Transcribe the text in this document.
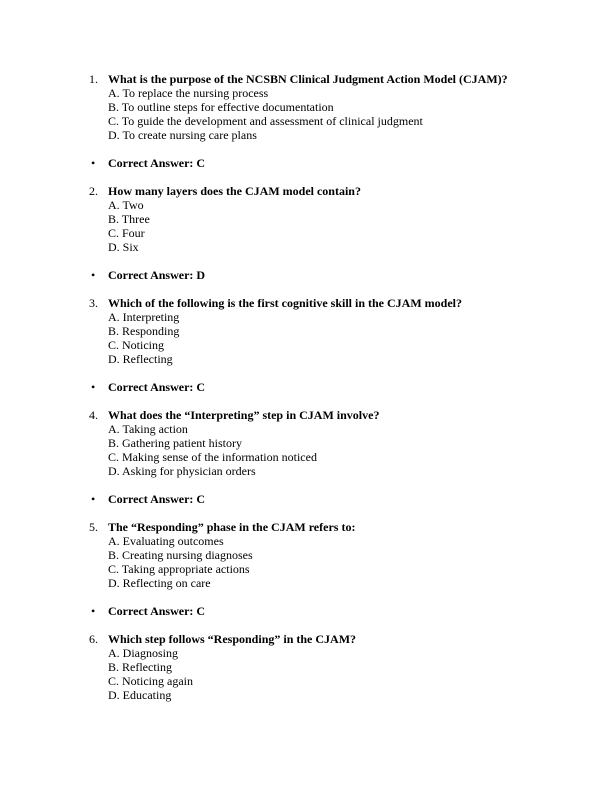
1. What is the purpose of the NCSBN Clinical Judgment Action Model (CJAM)?
A. To replace the nursing process
B. To outline steps for effective documentation
C. To guide the development and assessment of clinical judgment
D. To create nursing care plans
• Correct Answer: C
2. How many layers does the CJAM model contain?
A. Two
B. Three
C. Four
D. Six
• Correct Answer: D
3. Which of the following is the first cognitive skill in the CJAM model?
A. Interpreting
B. Responding
C. Noticing
D. Reflecting
• Correct Answer: C
4. What does the “Interpreting” step in CJAM involve?
A. Taking action
B. Gathering patient history
C. Making sense of the information noticed
D. Asking for physician orders
• Correct Answer: C
5. The “Responding” phase in the CJAM refers to:
A. Evaluating outcomes
B. Creating nursing diagnoses
C. Taking appropriate actions
D. Reflecting on care
• Correct Answer: C
6. Which step follows “Responding” in the CJAM?
A. Diagnosing
B. Reflecting
C. Noticing again
D. Educating
